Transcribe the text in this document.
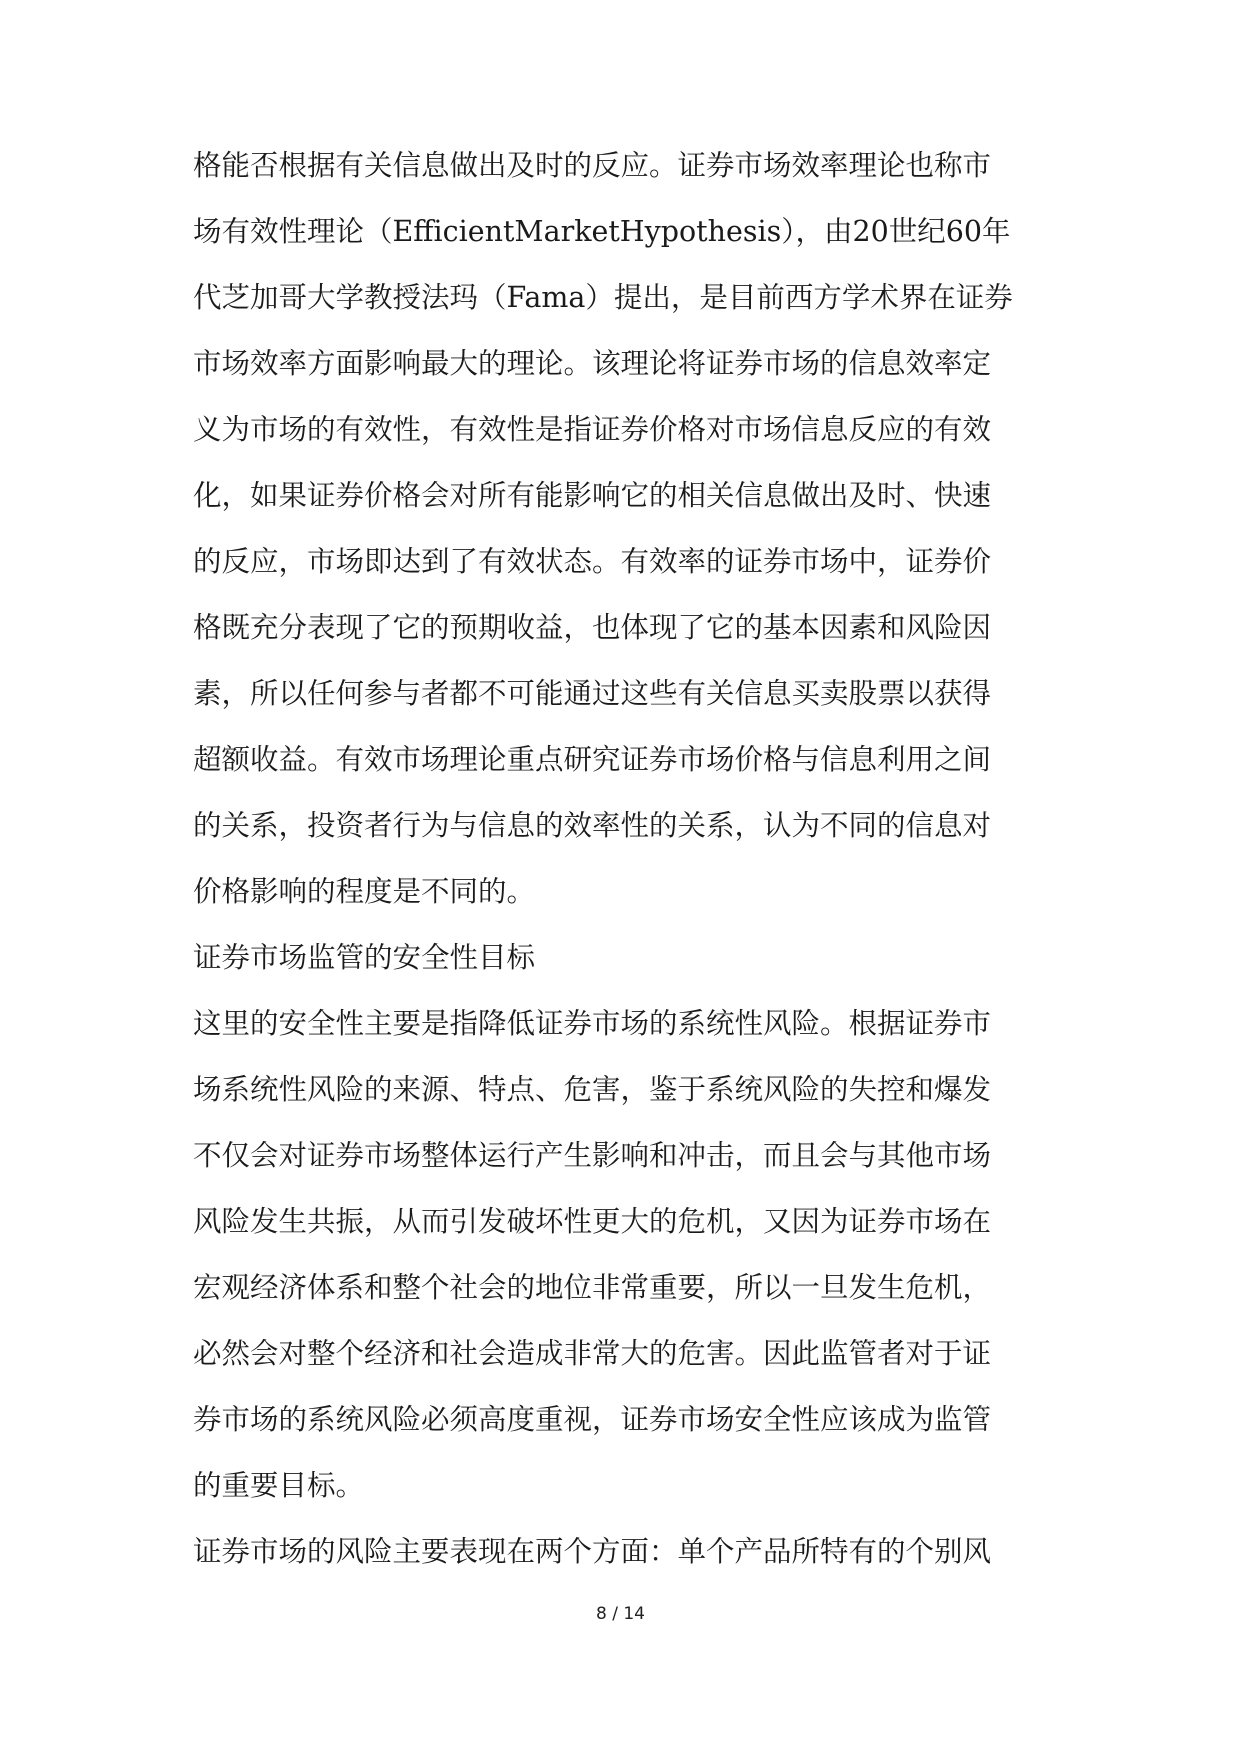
格能否根据有关信息做出及时的反应。证券市场效率理论也称市
场有效性理论（EfficientMarketHypothesis），由20世纪60年
代芝加哥大学教授法玛（Fama）提出，是目前西方学术界在证券
市场效率方面影响最大的理论。该理论将证券市场的信息效率定
义为市场的有效性，有效性是指证券价格对市场信息反应的有效
化，如果证券价格会对所有能影响它的相关信息做出及时、快速
的反应，市场即达到了有效状态。有效率的证券市场中，证券价
格既充分表现了它的预期收益，也体现了它的基本因素和风险因
素，所以任何参与者都不可能通过这些有关信息买卖股票以获得
超额收益。有效市场理论重点研究证券市场价格与信息利用之间
的关系，投资者行为与信息的效率性的关系，认为不同的信息对
价格影响的程度是不同的。
证券市场监管的安全性目标
这里的安全性主要是指降低证券市场的系统性风险。根据证券市
场系统性风险的来源、特点、危害，鉴于系统风险的失控和爆发
不仅会对证券市场整体运行产生影响和冲击，而且会与其他市场
风险发生共振，从而引发破坏性更大的危机，又因为证券市场在
宏观经济体系和整个社会的地位非常重要，所以一旦发生危机，
必然会对整个经济和社会造成非常大的危害。因此监管者对于证
券市场的系统风险必须高度重视，证券市场安全性应该成为监管
的重要目标。
证券市场的风险主要表现在两个方面：单个产品所特有的个别风
8 / 14
